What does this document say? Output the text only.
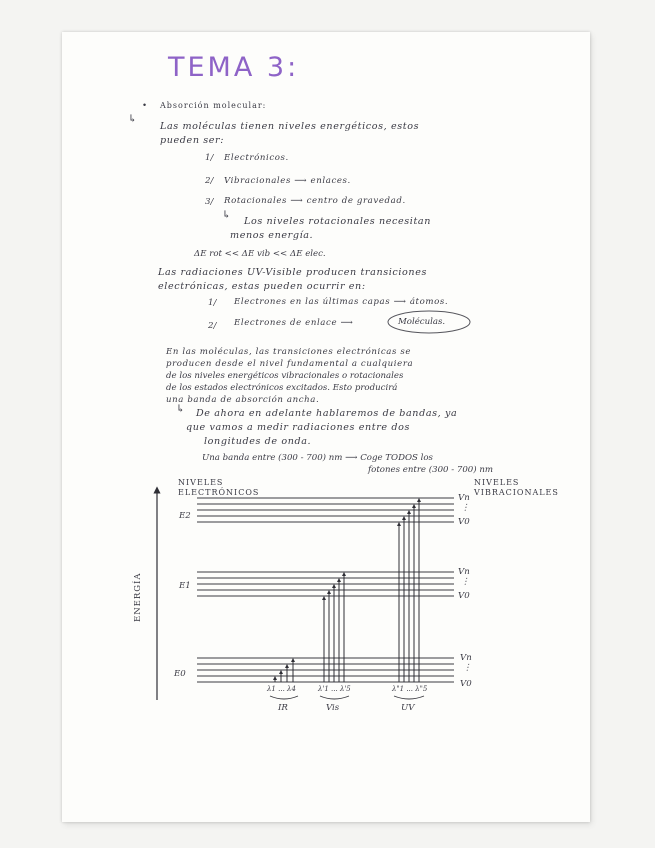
TEMA 3:
• Absorción molecular:
↳
Las moléculas tienen niveles energéticos, estos
pueden ser:
1/ Electrónicos.
2/ Vibracionales ⟶ enlaces.
3/ Rotacionales ⟶ centro de gravedad.
↳
Los niveles rotacionales necesitan
menos energía.
ΔE rot << ΔE vib << ΔE elec.
Las radiaciones UV-Visible producen transiciones
electrónicas, estas pueden ocurrir en:
1/ Electrones en las últimas capas ⟶ átomos.
2/ Electrones de enlace ⟶	Moléculas.
En las moléculas, las transiciones electrónicas se
producen desde el nivel fundamental a cualquiera
de los niveles energéticos vibracionales o rotacionales
de los estados electrónicos excitados. Esto producirá
una banda de absorción ancha.
↳ De ahora en adelante hablaremos de bandas, ya
que vamos a medir radiaciones entre dos
longitudes de onda.
Una banda entre (300 - 700) nm ⟶ Coge TODOS los
fotones entre (300 - 700) nm
NIVELES
ELECTRÓNICOS
NIVELES
VIBRACIONALES
ENERGÍA
E2
E1
E0
Vn
⋮
V0
Vn
⋮
V0
Vn
⋮
V0
λ1 ... λ4	λ'1 ... λ'5	λ"1 ... λ"5
IR	Vis	UV
